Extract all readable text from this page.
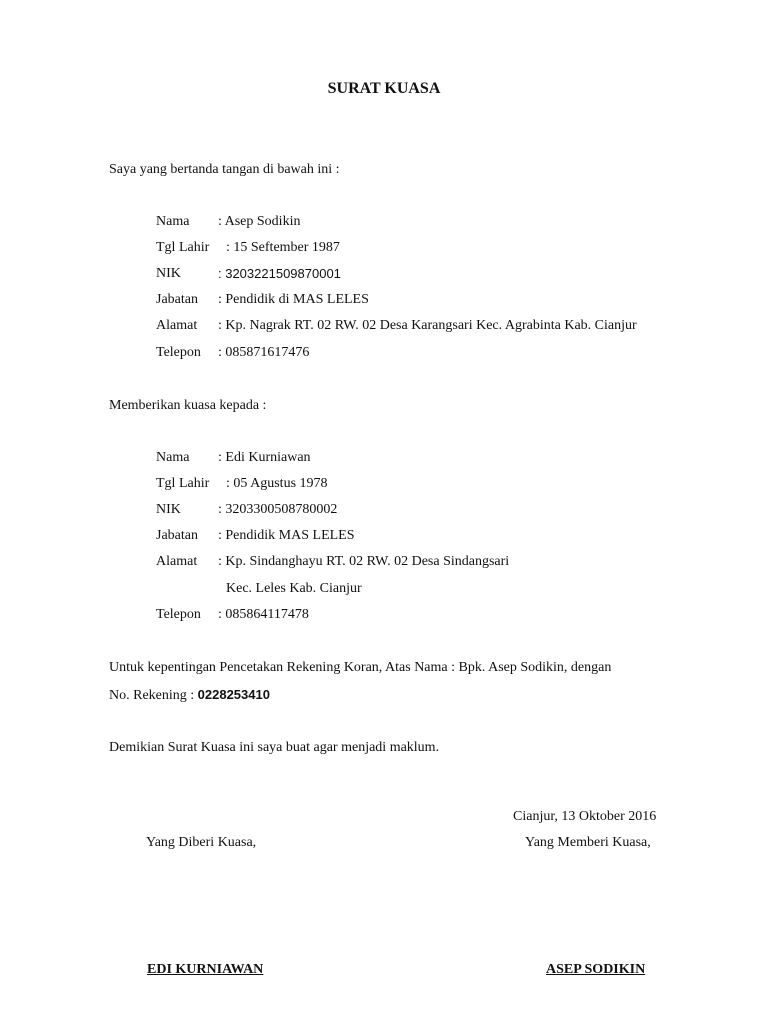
SURAT KUASA
Saya yang bertanda tangan di bawah ini :
Nama	: Asep Sodikin
Tgl Lahir	: 15 Seftember 1987
NIK	: 3203221509870001
Jabatan	: Pendidik di MAS LELES
Alamat	: Kp. Nagrak RT. 02 RW. 02 Desa Karangsari Kec. Agrabinta Kab. Cianjur
Telepon	: 085871617476
Memberikan kuasa kepada :
Nama	: Edi Kurniawan
Tgl Lahir	: 05 Agustus 1978
NIK	: 3203300508780002
Jabatan	: Pendidik MAS LELES
Alamat	: Kp. Sindanghayu RT. 02 RW. 02 Desa Sindangsari
Kec. Leles Kab. Cianjur
Telepon	: 085864117478
Untuk kepentingan Pencetakan Rekening Koran, Atas Nama : Bpk. Asep Sodikin, dengan
No. Rekening : 0228253410
Demikian Surat Kuasa ini saya buat agar menjadi maklum.
Cianjur, 13 Oktober 2016
Yang Diberi Kuasa,	Yang Memberi Kuasa,
EDI KURNIAWAN	ASEP SODIKIN
